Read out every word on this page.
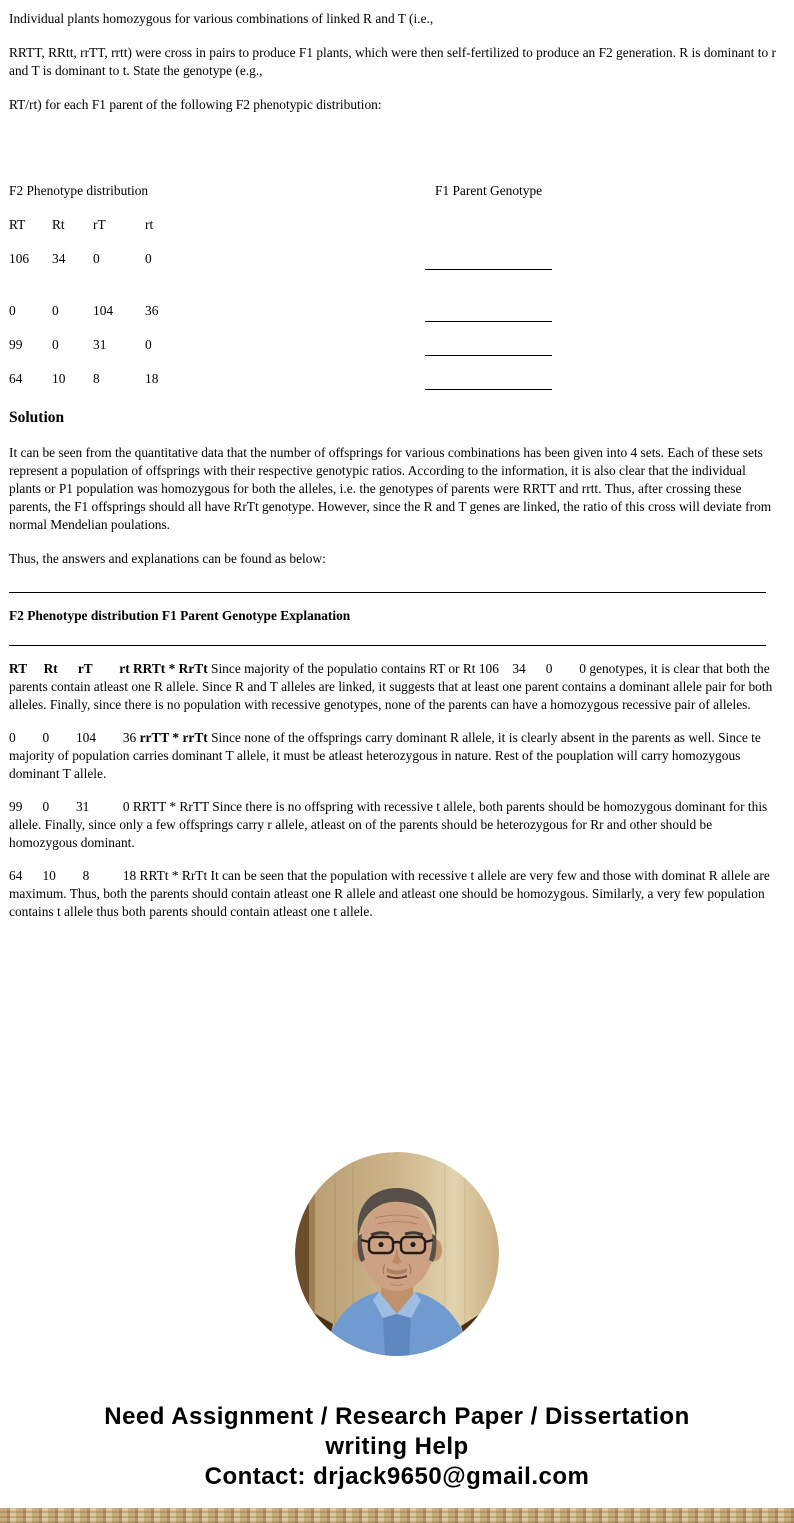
Individual plants homozygous for various combinations of linked R and T (i.e.,

RRTT, RRtt, rrTT, rrtt) were cross in pairs to produce F1 plants, which were then self-fertilized to produce an F2 generation. R is dominant to r and T is dominant to t. State the genotype (e.g.,

RT/rt) for each F1 parent of the following F2 phenotypic distribution:

F2 Phenotype distribution	F1 Parent Genotype
RT Rt rT	rt
106 34 0	0
0	0	104 36
99 0	31	0
64 10 8	18
Solution

It can be seen from the quantitative data that the number of offsprings for various combinations has been given into 4 sets. Each of these sets represent a population of offsprings with their respective genotypic ratios. According to the information, it is also clear that the individual plants or P1 population was homozygous for both the alleles, i.e. the genotypes of parents were RRTT and rrtt. Thus, after crossing these parents, the F1 offsprings should all have RrTt genotype. However, since the R and T genes are linked, the ratio of this cross will deviate from normal Mendelian poulations.

Thus, the answers and explanations can be found as below:

F2 Phenotype distribution F1 Parent Genotype Explanation

RT     Rt      rT        rt RRTt * RrTt Since majority of the populatio contains RT or Rt 106    34      0        0 genotypes, it is clear that both the parents contain atleast one R allele. Since R and T alleles are linked, it suggests that at least one parent contains a dominant allele pair for both alleles. Finally, since there is no population with recessive genotypes, none of the parents can have a homozygous recessive pair of alleles.

0        0        104        36 rrTT * rrTt Since none of the offsprings carry dominant R allele, it is clearly absent in the parents as well. Since te majority of population carries dominant T allele, it must be atleast heterozygous in nature. Rest of the pouplation will carry homozygous dominant T allele.

99      0        31          0 RRTT * RrTT Since there is no offspring with recessive t allele, both parents should be homozygous dominant for this allele. Finally, since only a few offsprings carry r allele, atleast on of the parents should be heterozygous for Rr and other should be homozygous dominant.

64      10        8          18 RRTt * RrTt It can be seen that the population with recessive t allele are very few and those with dominat R allele are maximum. Thus, both the parents should contain atleast one R allele and atleast one should be homozygous. Similarly, a very few population contains t allele thus both parents should contain atleast one t allele.

Need Assignment / Research Paper / Dissertation
writing Help
Contact: drjack9650@gmail.com
